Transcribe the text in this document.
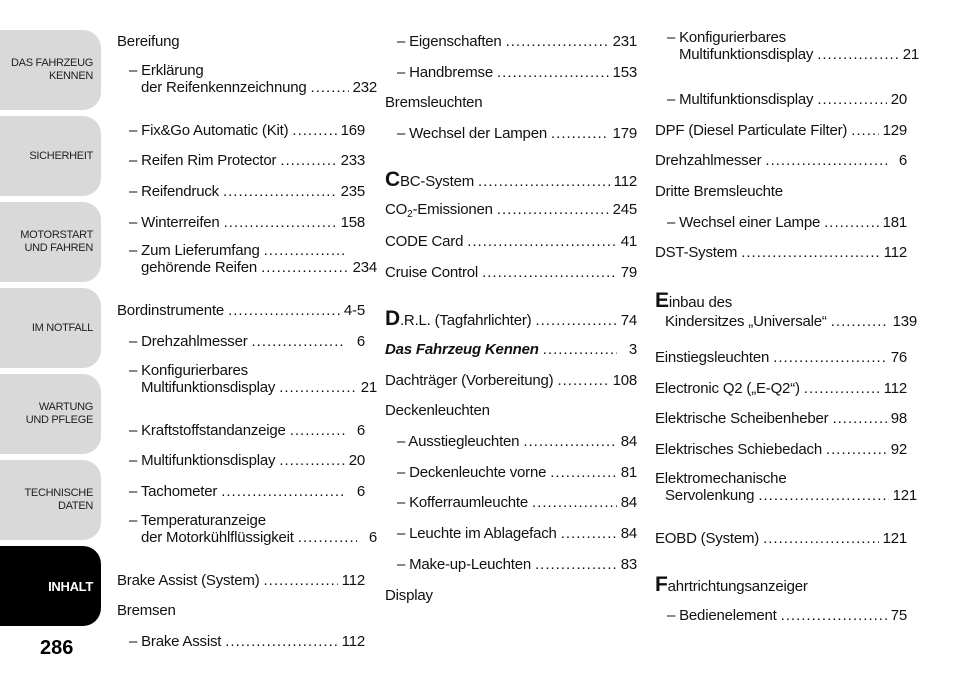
DAS FAHRZEUG
KENNEN
SICHERHEIT
MOTORSTART
UND FAHREN
IM NOTFALL
WARTUNG
UND PFLEGE
TECHNISCHE
DATEN
INHALT
286
Bereifung
– Erklärung
der Reifenkennzeichnung .....	232
– Fix&Go Automatic (Kit) .....	169
– Reifen Rim Protector .....	233
– Reifendruck .....	235
– Winterreifen .....	158
– Zum Lieferumfang
.....
gehörende Reifen .....	234
Bordinstrumente .....	4-5
– Drehzahlmesser .....	6
– Konfigurierbares
Multifunktionsdisplay .....	21
– Kraftstoffstandanzeige .....	6
– Multifunktionsdisplay .....	20
– Tachometer .....	6
– Temperaturanzeige
der Motorkühlflüssigkeit .....	6
Brake Assist (System) .....	112
Bremsen
– Brake Assist .....	112
– Eigenschaften .....	231
– Handbremse .....	153
Bremsleuchten
– Wechsel der Lampen .....	179
CBC-System .....	112
$CO_2$-Emissionen .....	245
CODE Card .....	41
Cruise Control .....	79
D.R.L. (Tagfahrlichter) .....	74
Das Fahrzeug Kennen .....	3
Dachträger (Vorbereitung) .....	108
Deckenleuchten
– Ausstiegleuchten .....	84
– Deckenleuchte vorne .....	81
– Kofferraumleuchte .....	84
– Leuchte im Ablagefach .....	84
– Make-up-Leuchten .....	83
Display
– Konfigurierbares
Multifunktionsdisplay .....	21
– Multifunktionsdisplay .....	20
DPF (Diesel Particulate Filter) ..... 129
Drehzahlmesser .....	6
Dritte Bremsleuchte
– Wechsel einer Lampe .....	181
DST-System .....	112
Einbau des
Kindersitzes „Universale“ .....	139
Einstiegsleuchten .....	76
Electronic Q2 („E-Q2“) .....	112
Elektrische Scheibenheber .....	98
Elektrisches Schiebedach .....	92
Elektromechanische
Servolenkung .....	121
EOBD (System) .....	121
Fahrtrichtungsanzeiger
– Bedienelement .....	75
